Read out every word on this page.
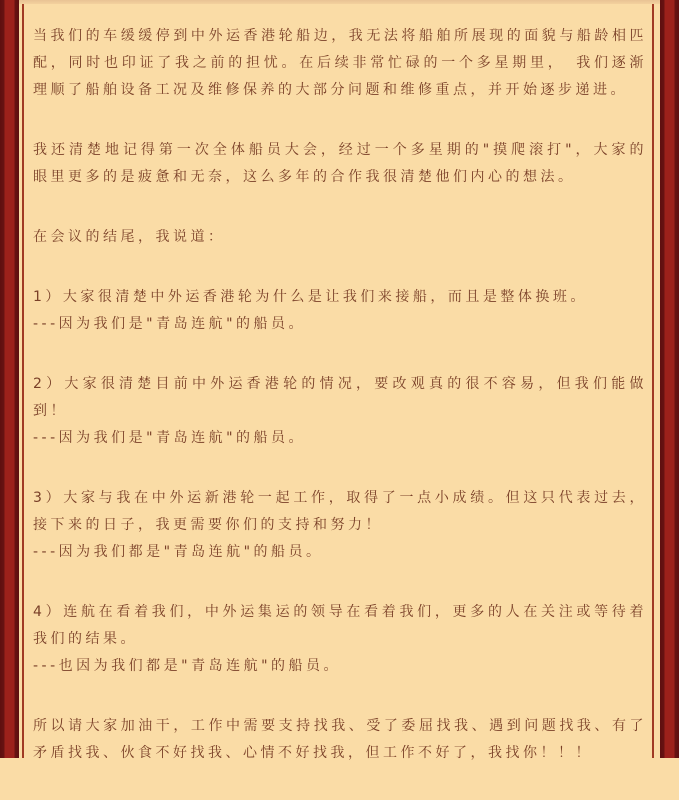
当我们的车缓缓停到中外运香港轮船边，我无法将船舶所展现的面貌与船龄相匹配，同时也印证了我之前的担忧。在后续非常忙碌的一个多星期里，　我们逐渐理顺了船舶设备工况及维修保养的大部分问题和维修重点，并开始逐步递进。

我还清楚地记得第一次全体船员大会，经过一个多星期的"摸爬滚打"，大家的眼里更多的是疲惫和无奈，这么多年的合作我很清楚他们内心的想法。

在会议的结尾，我说道：

1）大家很清楚中外运香港轮为什么是让我们来接船，而且是整体换班。

---因为我们是"青岛连航"的船员。

2）大家很清楚目前中外运香港轮的情况，要改观真的很不容易，但我们能做到！

---因为我们是"青岛连航"的船员。

3）大家与我在中外运新港轮一起工作，取得了一点小成绩。但这只代表过去，接下来的日子，我更需要你们的支持和努力！

---因为我们都是"青岛连航"的船员。

4）连航在看着我们，中外运集运的领导在看着我们，更多的人在关注或等待着我们的结果。

---也因为我们都是"青岛连航"的船员。

所以请大家加油干，工作中需要支持找我、受了委屈找我、遇到问题找我、有了矛盾找我、伙食不好找我、心情不好找我，但工作不好了，我找你！！！
